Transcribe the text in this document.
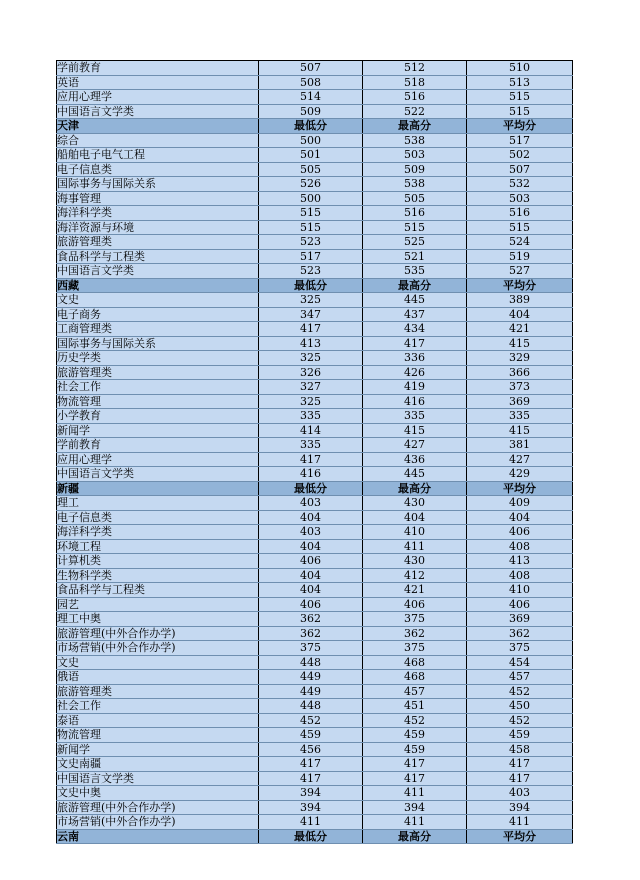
学前教育	507	512	510
英语	508	518	513
应用心理学	514	516	515
中国语言文学类	509	522	515
天津	最低分	最高分	平均分
综合	500	538	517
船舶电子电气工程	501	503	502
电子信息类	505	509	507
国际事务与国际关系	526	538	532
海事管理	500	505	503
海洋科学类	515	516	516
海洋资源与环境	515	515	515
旅游管理类	523	525	524
食品科学与工程类	517	521	519
中国语言文学类	523	535	527
西藏	最低分	最高分	平均分
文史	325	445	389
电子商务	347	437	404
工商管理类	417	434	421
国际事务与国际关系	413	417	415
历史学类	325	336	329
旅游管理类	326	426	366
社会工作	327	419	373
物流管理	325	416	369
小学教育	335	335	335
新闻学	414	415	415
学前教育	335	427	381
应用心理学	417	436	427
中国语言文学类	416	445	429
新疆	最低分	最高分	平均分
理工	403	430	409
电子信息类	404	404	404
海洋科学类	403	410	406
环境工程	404	411	408
计算机类	406	430	413
生物科学类	404	412	408
食品科学与工程类	404	421	410
园艺	406	406	406
理工中奥	362	375	369
旅游管理(中外合作办学)	362	362	362
市场营销(中外合作办学)	375	375	375
文史	448	468	454
俄语	449	468	457
旅游管理类	449	457	452
社会工作	448	451	450
泰语	452	452	452
物流管理	459	459	459
新闻学	456	459	458
文史南疆	417	417	417
中国语言文学类	417	417	417
文史中奥	394	411	403
旅游管理(中外合作办学)	394	394	394
市场营销(中外合作办学)	411	411	411
云南	最低分	最高分	平均分
